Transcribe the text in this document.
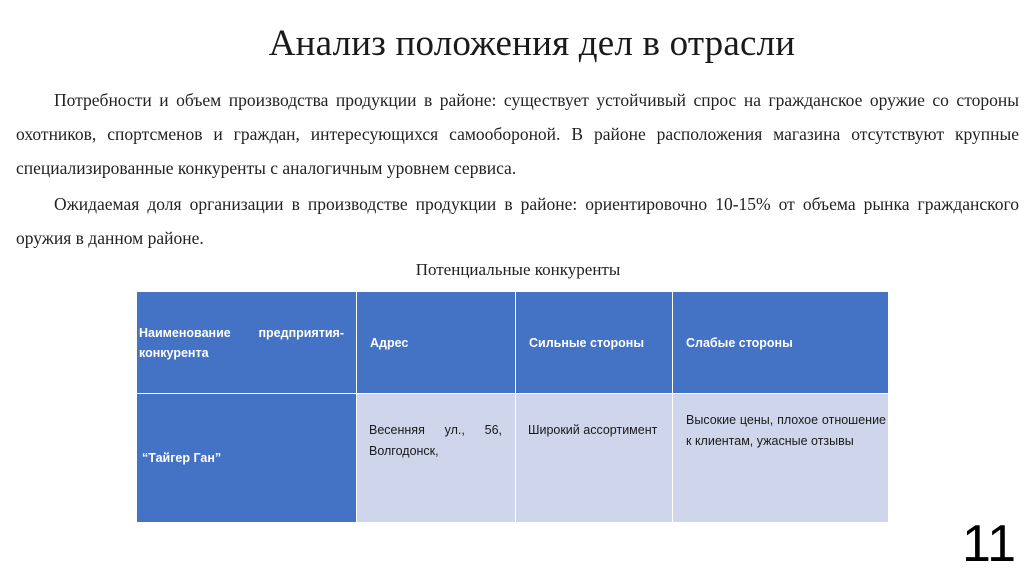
Анализ положения дел в отрасли
Потребности и объем производства продукции в районе: существует устойчивый спрос на гражданское оружие со стороны охотников, спортсменов и граждан, интересующихся самообороной. В районе расположения магазина отсутствуют крупные специализированные конкуренты с аналогичным уровнем сервиса.
Ожидаемая доля организации в производстве продукции в районе: ориентировочно 10-15% от объема рынка гражданского оружия в данном районе.
Потенциальные конкуренты
Наименование предприятия-конкурента	Адрес	Сильные стороны	Слабые стороны
“Тайгер Ган”	Весенняя ул., 56, Волгодонск,	Широкий ассортимент	Высокие цены, плохое отношение к клиентам, ужасные отзывы
11
